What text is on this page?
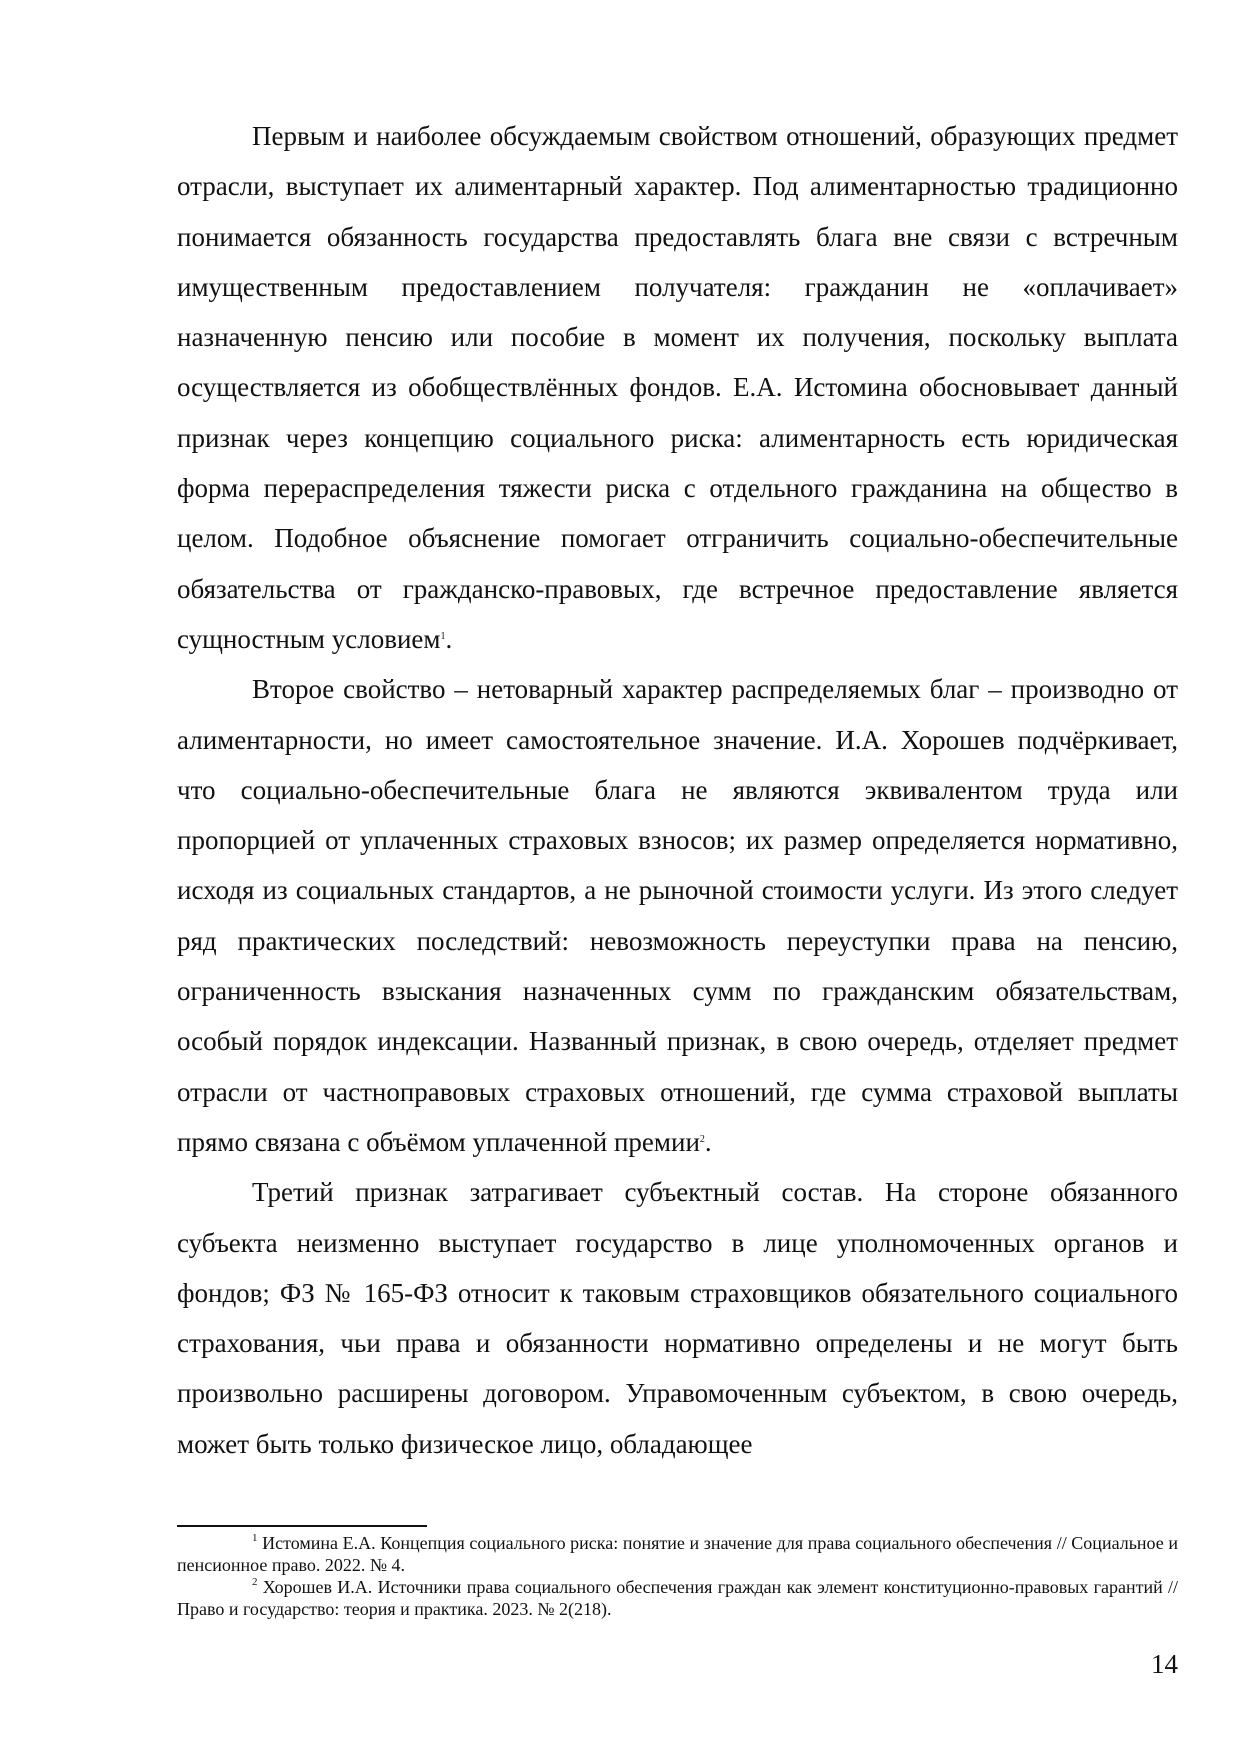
Первым и наиболее обсуждаемым свойством отношений, образующих предмет отрасли, выступает их алиментарный характер. Под алиментарностью традиционно понимается обязанность государства предоставлять блага вне связи с встречным имущественным предоставлением получателя: гражданин не «оплачивает» назначенную пенсию или пособие в момент их получения, поскольку выплата осуществляется из обобществлённых фондов. Е.А. Истомина обосновывает данный признак через концепцию социального риска: алиментарность есть юридическая форма перераспределения тяжести риска с отдельного гражданина на общество в целом. Подобное объяснение помогает отграничить социально-обеспечительные обязательства от гражданско-правовых, где встречное предоставление является сущностным условием$^1$.

Второе свойство – нетоварный характер распределяемых благ – производно от алиментарности, но имеет самостоятельное значение. И.А. Хорошев подчёркивает, что социально-обеспечительные блага не являются эквивалентом труда или пропорцией от уплаченных страховых взносов; их размер определяется нормативно, исходя из социальных стандартов, а не рыночной стоимости услуги. Из этого следует ряд практических последствий: невозможность переуступки права на пенсию, ограниченность взыскания назначенных сумм по гражданским обязательствам, особый порядок индексации. Названный признак, в свою очередь, отделяет предмет отрасли от частноправовых страховых отношений, где сумма страховой выплаты прямо связана с объёмом уплаченной премии$^2$.

Третий признак затрагивает субъектный состав. На стороне обязанного субъекта неизменно выступает государство в лице уполномоченных органов и фондов; ФЗ № 165-ФЗ относит к таковым страховщиков обязательного социального страхования, чьи права и обязанности нормативно определены и не могут быть произвольно расширены договором. Управомоченным субъектом, в свою очередь, может быть только физическое лицо, обладающее

$^1$ Истомина Е.А. Концепция социального риска: понятие и значение для права социального обеспечения // Социальное и пенсионное право. 2022. № 4.

$^2$ Хорошев И.А. Источники права социального обеспечения граждан как элемент конституционно-правовых гарантий // Право и государство: теория и практика. 2023. № 2(218).

14
